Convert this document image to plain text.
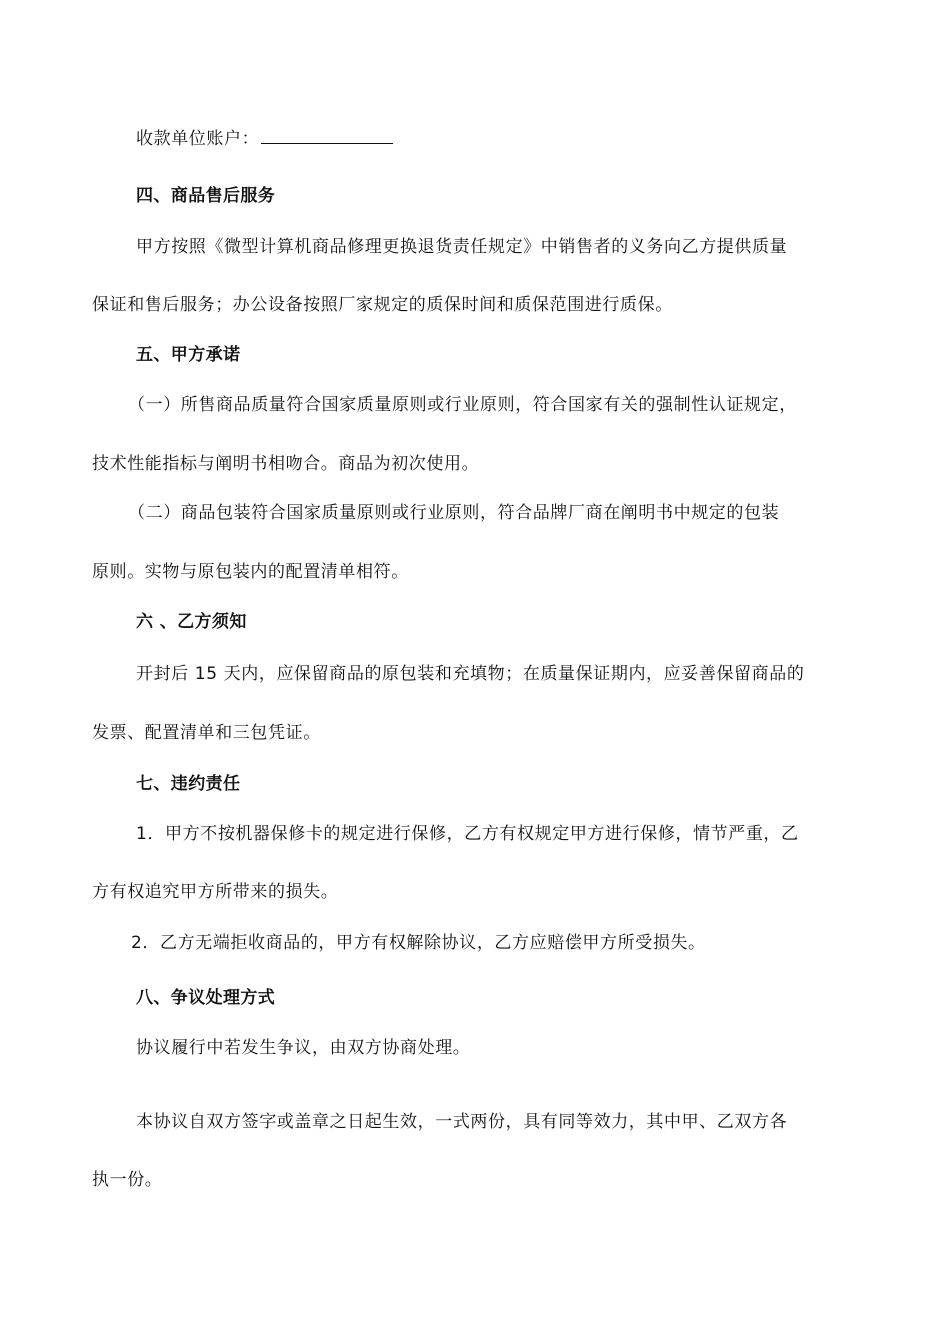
收款单位账户：
四、商品售后服务
甲方按照《微型计算机商品修理更换退货责任规定》中销售者的义务向乙方提供质量
保证和售后服务；办公设备按照厂家规定的质保时间和质保范围进行质保。
五、甲方承诺
（一）所售商品质量符合国家质量原则或行业原则，符合国家有关的强制性认证规定，
技术性能指标与阐明书相吻合。商品为初次使用。
（二）商品包装符合国家质量原则或行业原则，符合品牌厂商在阐明书中规定的包装
原则。实物与原包装内的配置清单相符。
六 、乙方须知
开封后 15 天内，应保留商品的原包装和充填物；在质量保证期内，应妥善保留商品的
发票、配置清单和三包凭证。
七、违约责任
1．甲方不按机器保修卡的规定进行保修，乙方有权规定甲方进行保修，情节严重，乙
方有权追究甲方所带来的损失。
2．乙方无端拒收商品的，甲方有权解除协议，乙方应赔偿甲方所受损失。
八、争议处理方式
协议履行中若发生争议，由双方协商处理。
本协议自双方签字或盖章之日起生效，一式两份，具有同等效力，其中甲、乙双方各
执一份。
